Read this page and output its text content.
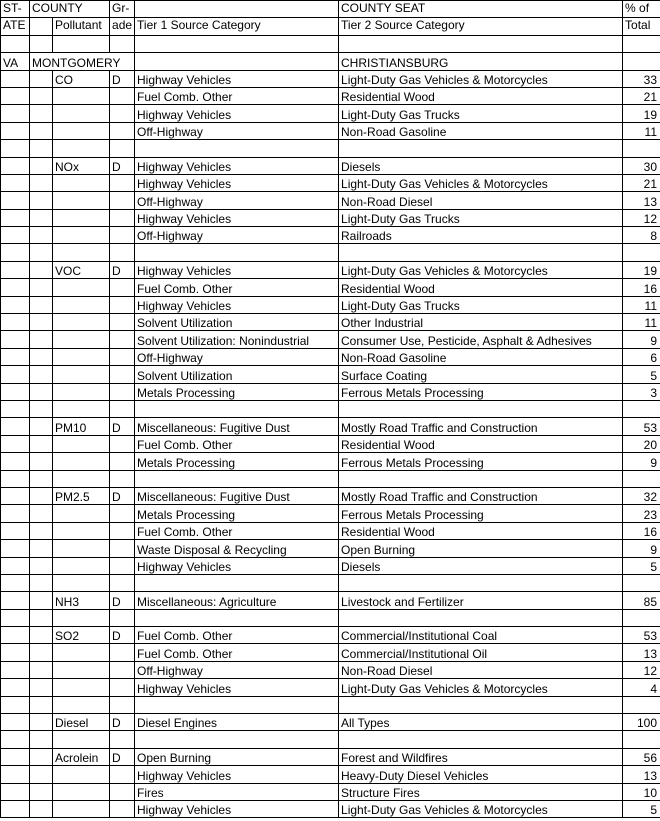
ST-	COUNTY		Gr-		COUNTY SEAT	% of
ATE		Pollutant	ade	Tier 1 Source Category	Tier 2 Source Category	Total

VA	MONTGOMERY				CHRISTIANSBURG	
		CO	D	Highway Vehicles	Light-Duty Gas Vehicles & Motorcycles	33
				Fuel Comb. Other	Residential Wood	21
				Highway Vehicles	Light-Duty Gas Trucks	19
				Off-Highway	Non-Road Gasoline	11

		NOx	D	Highway Vehicles	Diesels	30
				Highway Vehicles	Light-Duty Gas Vehicles & Motorcycles	21
				Off-Highway	Non-Road Diesel	13
				Highway Vehicles	Light-Duty Gas Trucks	12
				Off-Highway	Railroads	8

		VOC	D	Highway Vehicles	Light-Duty Gas Vehicles & Motorcycles	19
				Fuel Comb. Other	Residential Wood	16
				Highway Vehicles	Light-Duty Gas Trucks	11
				Solvent Utilization	Other Industrial	11
				Solvent Utilization: Nonindustrial	Consumer Use, Pesticide, Asphalt & Adhesives	9
				Off-Highway	Non-Road Gasoline	6
				Solvent Utilization	Surface Coating	5
				Metals Processing	Ferrous Metals Processing	3

		PM10	D	Miscellaneous: Fugitive Dust	Mostly Road Traffic and Construction	53
				Fuel Comb. Other	Residential Wood	20
				Metals Processing	Ferrous Metals Processing	9

		PM2.5	D	Miscellaneous: Fugitive Dust	Mostly Road Traffic and Construction	32
				Metals Processing	Ferrous Metals Processing	23
				Fuel Comb. Other	Residential Wood	16
				Waste Disposal & Recycling	Open Burning	9
				Highway Vehicles	Diesels	5

		NH3	D	Miscellaneous: Agriculture	Livestock and Fertilizer	85

		SO2	D	Fuel Comb. Other	Commercial/Institutional Coal	53
				Fuel Comb. Other	Commercial/Institutional Oil	13
				Off-Highway	Non-Road Diesel	12
				Highway Vehicles	Light-Duty Gas Vehicles & Motorcycles	4

		Diesel	D	Diesel Engines	All Types	100

		Acrolein	D	Open Burning	Forest and Wildfires	56
				Highway Vehicles	Heavy-Duty Diesel Vehicles	13
				Fires	Structure Fires	10
				Highway Vehicles	Light-Duty Gas Vehicles & Motorcycles	5
